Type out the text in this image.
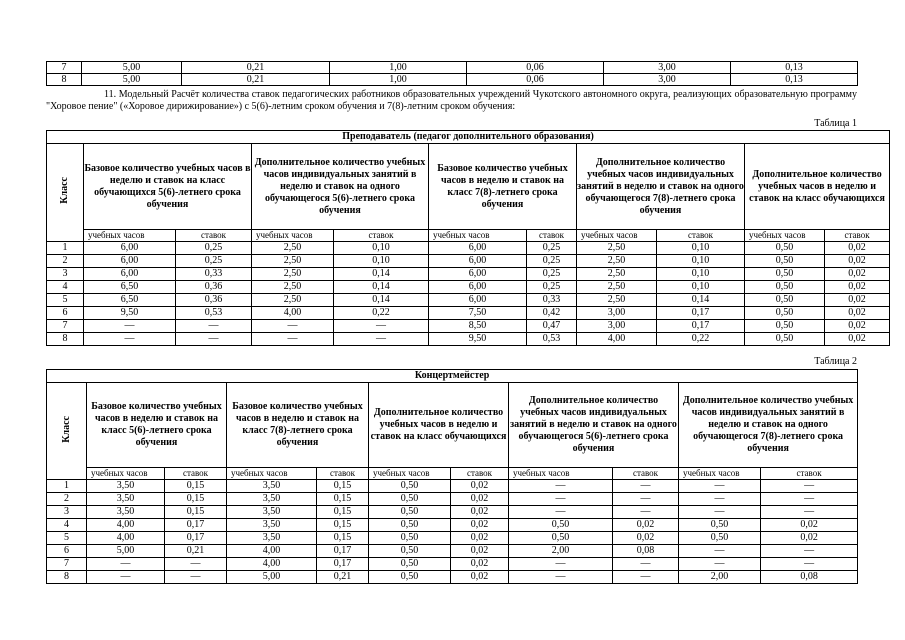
7	5,00	0,21	1,00	0,06	3,00	0,13
8	5,00	0,21	1,00	0,06	3,00	0,13
11. Модельный Расчёт количества ставок педагогических работников образовательных учреждений Чукотского автономного округа, реализующих образовательную программу "Хоровое пение" («Хоровое дирижирование») с 5(6)-летним сроком обучения и 7(8)-летним сроком обучения:
Таблица 1
Преподаватель (педагог дополнительного образования)										
Класс	Базовое количество учебных часов в неделю и ставок на класс обучающихся 5(6)-летнего срока обучения		Дополнительное количество учебных часов индивидуальных занятий в неделю и ставок на одного обучающегося 5(6)-летнего срока обучения		Базовое количество учебных часов в неделю и ставок на класс 7(8)-летнего срока обучения		Дополнительное количество учебных часов индивидуальных занятий в неделю и ставок на одного обучающегося 7(8)-летнего срока обучения		Дополнительное количество учебных часов в неделю и ставок на класс обучающихся	
	учебных часов	ставок	учебных часов	ставок	учебных часов	ставок	учебных часов	ставок	учебных часов	ставок
1	6,00	0,25	2,50	0,10	6,00	0,25	2,50	0,10	0,50	0,02
2	6,00	0,25	2,50	0,10	6,00	0,25	2,50	0,10	0,50	0,02
3	6,00	0,33	2,50	0,14	6,00	0,25	2,50	0,10	0,50	0,02
4	6,50	0,36	2,50	0,14	6,00	0,25	2,50	0,10	0,50	0,02
5	6,50	0,36	2,50	0,14	6,00	0,33	2,50	0,14	0,50	0,02
6	9,50	0,53	4,00	0,22	7,50	0,42	3,00	0,17	0,50	0,02
7	—	—	—	—	8,50	0,47	3,00	0,17	0,50	0,02
8	—	—	—	—	9,50	0,53	4,00	0,22	0,50	0,02
Таблица 2
Концертмейстер										
Класс	Базовое количество учебных часов в неделю и ставок на класс 5(6)-летнего срока обучения		Базовое количество учебных часов в неделю и ставок на класс 7(8)-летнего срока обучения		Дополнительное количество учебных часов в неделю и ставок на класс обучающихся		Дополнительное количество учебных часов индивидуальных занятий в неделю и ставок на одного обучающегося 5(6)-летнего срока обучения		Дополнительное количество учебных часов индивидуальных занятий в неделю и ставок на одного обучающегося 7(8)-летнего срока обучения	
	учебных часов	ставок	учебных часов	ставок	учебных часов	ставок	учебных часов	ставок	учебных часов	ставок
1	3,50	0,15	3,50	0,15	0,50	0,02	—	—	—	—
2	3,50	0,15	3,50	0,15	0,50	0,02	—	—	—	—
3	3,50	0,15	3,50	0,15	0,50	0,02	—	—	—	—
4	4,00	0,17	3,50	0,15	0,50	0,02	0,50	0,02	0,50	0,02
5	4,00	0,17	3,50	0,15	0,50	0,02	0,50	0,02	0,50	0,02
6	5,00	0,21	4,00	0,17	0,50	0,02	2,00	0,08	—	—
7	—	—	4,00	0,17	0,50	0,02	—	—	—	—
8	—	—	5,00	0,21	0,50	0,02	—	—	2,00	0,08
